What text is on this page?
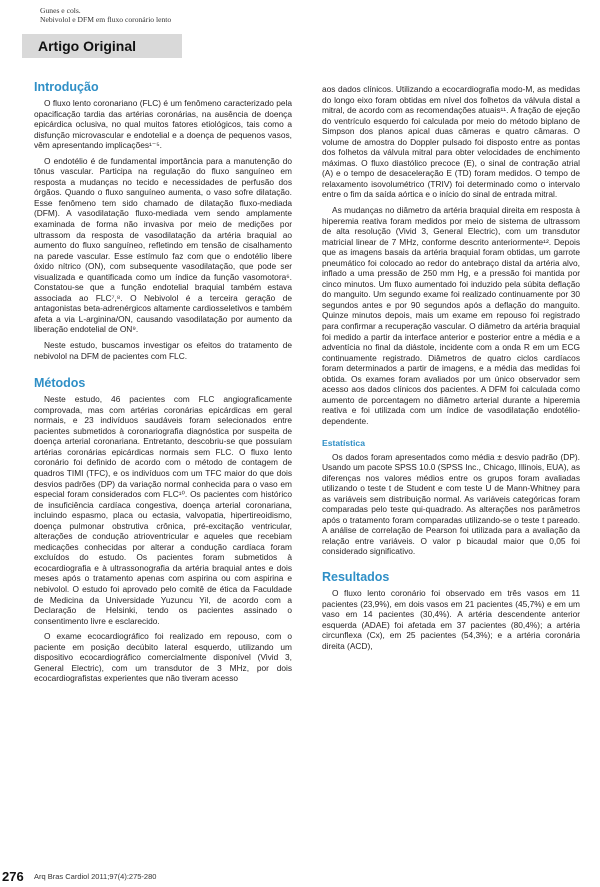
Gunes e cols.
Nebivolol e DFM em fluxo coronário lento
Artigo Original
Introdução

O fluxo lento coronariano (FLC) é um fenômeno caracterizado pela opacificação tardia das artérias coronárias, na ausência de doença epicárdica oclusiva, no qual muitos fatores etiológicos, tais como a disfunção microvascular e endotelial e a doença de pequenos vasos, vêm apresentando implicações¹⁻⁵.

O endotélio é de fundamental importância para a manutenção do tônus vascular. Participa na regulação do fluxo sanguíneo em resposta a mudanças no tecido e necessidades de perfusão dos órgãos. Quando o fluxo sanguíneo aumenta, o vaso sofre dilatação. Esse fenômeno tem sido chamado de dilatação fluxo-mediada (DFM). A vasodilatação fluxo-mediada vem sendo amplamente examinada de forma não invasiva por meio de medições por ultrassom da resposta de vasodilatação da artéria braquial ao aumento do fluxo sanguíneo, refletindo em tensão de cisalhamento na parede vascular. Esse estímulo faz com que o endotélio libere óxido nítrico (ON), com subsequente vasodilatação, que pode ser visualizada e quantificada como um índice da função vasomotora⁶. Constatou-se que a função endotelial braquial também estava associada ao FLC⁷,⁸. O Nebivolol é a terceira geração de antagonistas beta-adrenérgicos altamente cardiosseletivos e também afeta a via L-arginina/ON, causando vasodilatação por aumento da liberação endotelial de ON⁹.

Neste estudo, buscamos investigar os efeitos do tratamento de nebivolol na DFM de pacientes com FLC.

Métodos

Neste estudo, 46 pacientes com FLC angiograficamente comprovada, mas com artérias coronárias epicárdicas em geral normais, e 23 indivíduos saudáveis foram selecionados entre pacientes submetidos à coronariografia diagnóstica por suspeita de doença arterial coronariana. Entretanto, descobriu-se que possuíam artérias coronárias epicárdicas normais sem FLC. O fluxo lento coronário foi definido de acordo com o método de contagem de quadros TIMI (TFC), e os indivíduos com um TFC maior do que dois desvios padrões (DP) da variação normal conhecida para o vaso em especial foram considerados com FLC¹⁰. Os pacientes com histórico de insuficiência cardíaca congestiva, doença arterial coronariana, incluindo espasmo, placa ou ectasia, valvopatia, hipertireoidismo, doença pulmonar obstrutiva crônica, pré-excitação ventricular, alterações de condução atrioventricular e aqueles que recebiam medicações conhecidas por alterar a condução cardíaca foram excluídos do estudo. Os pacientes foram submetidos à ecocardiografia e à ultrassonografia da artéria braquial antes e dois meses após o tratamento apenas com aspirina ou com aspirina e nebivolol. O estudo foi aprovado pelo comitê de ética da Faculdade de Medicina da Universidade Yuzuncu Yil, de acordo com a Declaração de Helsinki, tendo os pacientes assinado o consentimento livre e esclarecido.

O exame ecocardiográfico foi realizado em repouso, com o paciente em posição decúbito lateral esquerdo, utilizando um dispositivo ecocardiográfico comercialmente disponível (Vivid 3, General Electric), com um transdutor de 3 MHz, por dois ecocardiografistas experientes que não tiveram acesso

aos dados clínicos. Utilizando a ecocardiografia modo-M, as medidas do longo eixo foram obtidas em nível dos folhetos da válvula distal a mitral, de acordo com as recomendações atuais¹¹. A fração de ejeção do ventrículo esquerdo foi calculada por meio do método biplano de Simpson dos planos apical duas câmeras e quatro câmaras. O volume de amostra do Doppler pulsado foi disposto entre as pontas dos folhetos da válvula mitral para obter velocidades de enchimento máximas. O fluxo diastólico precoce (E), o sinal de contração atrial (A) e o tempo de desaceleração E (TD) foram medidos. O tempo de relaxamento isovolumétrico (TRIV) foi determinado como o intervalo entre o fim da saída aórtica e o início do sinal de entrada mitral.

As mudanças no diâmetro da artéria braquial direita em resposta à hiperemia reativa foram medidos por meio de sistema de ultrassom de alta resolução (Vivid 3, General Electric), com um transdutor matricial linear de 7 MHz, conforme descrito anteriormente¹². Depois que as imagens basais da artéria braquial foram obtidas, um garrote pneumático foi colocado ao redor do antebraço distal da artéria alvo, inflado a uma pressão de 250 mm Hg, e a pressão foi mantida por cinco minutos. Um fluxo aumentado foi induzido pela súbita deflação do manguito. Um segundo exame foi realizado continuamente por 30 segundos antes e por 90 segundos após a deflação do manguito. Quinze minutos depois, mais um exame em repouso foi registrado para confirmar a recuperação vascular. O diâmetro da artéria braquial foi medido a partir da interface anterior e posterior entre a média e a adventícia no final da diástole, incidente com a onda R em um ECG continuamente registrado. Diâmetros de quatro ciclos cardíacos foram determinados a partir de imagens, e a média das medidas foi obtida. Os exames foram avaliados por um único observador sem acesso aos dados clínicos dos pacientes. A DFM foi calculada como aumento de porcentagem no diâmetro arterial durante a hiperemia reativa e foi utilizada com um índice de vasodilatação endotélio-dependente.

Estatística

Os dados foram apresentados como média ± desvio padrão (DP). Usando um pacote SPSS 10.0 (SPSS Inc., Chicago, Illinois, EUA), as diferenças nos valores médios entre os grupos foram avaliadas utilizando o teste t de Student e com teste U de Mann-Whitney para as variáveis sem distribuição normal. As variáveis categóricas foram comparadas pelo teste qui-quadrado. As alterações nos parâmetros após o tratamento foram comparadas utilizando-se o teste t pareado. A análise de correlação de Pearson foi utilizada para a avaliação da relação entre variáveis. O valor p bicaudal maior que 0,05 foi considerado significativo.

Resultados

O fluxo lento coronário foi observado em três vasos em 11 pacientes (23,9%), em dois vasos em 21 pacientes (45,7%) e em um vaso em 14 pacientes (30,4%). A artéria descendente anterior esquerda (ADAE) foi afetada em 37 pacientes (80,4%); a artéria circunflexa (Cx), em 25 pacientes (54,3%); e a artéria coronária direita (ACD),

276 Arq Bras Cardiol 2011;97(4):275-280
